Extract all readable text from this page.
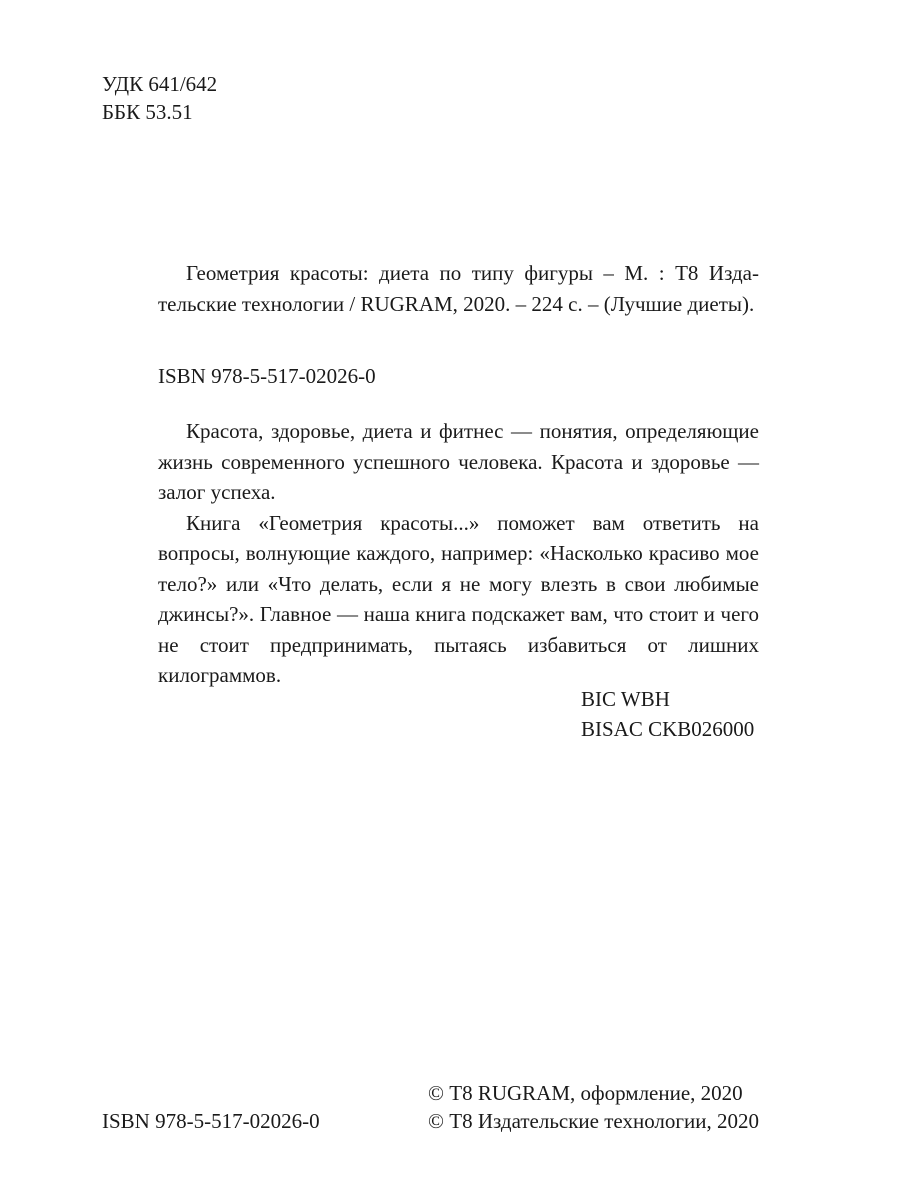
УДК 641/642
ББК 53.51

Геометрия красоты: диета по типу фигуры – М. : Т8 Издательские технологии / RUGRAM, 2020. – 224 с. – (Лучшие диеты).

ISBN 978-5-517-02026-0

Красота, здоровье, диета и фитнес — понятия, определяющие жизнь современного успешного человека. Красота и здоровье — залог успеха.

Книга «Геометрия красоты...» поможет вам ответить на вопросы, волнующие каждого, например: «Насколько красиво мое тело?» или «Что делать, если я не могу влезть в свои любимые джинсы?». Главное — наша книга подскажет вам, что стоит и чего не стоит предпринимать, пытаясь избавиться от лишних килограммов.

BIC WBH
BISAC CKB026000
© Т8 RUGRAM, оформление, 2020
© Т8 Издательские технологии, 2020
ISBN 978-5-517-02026-0
